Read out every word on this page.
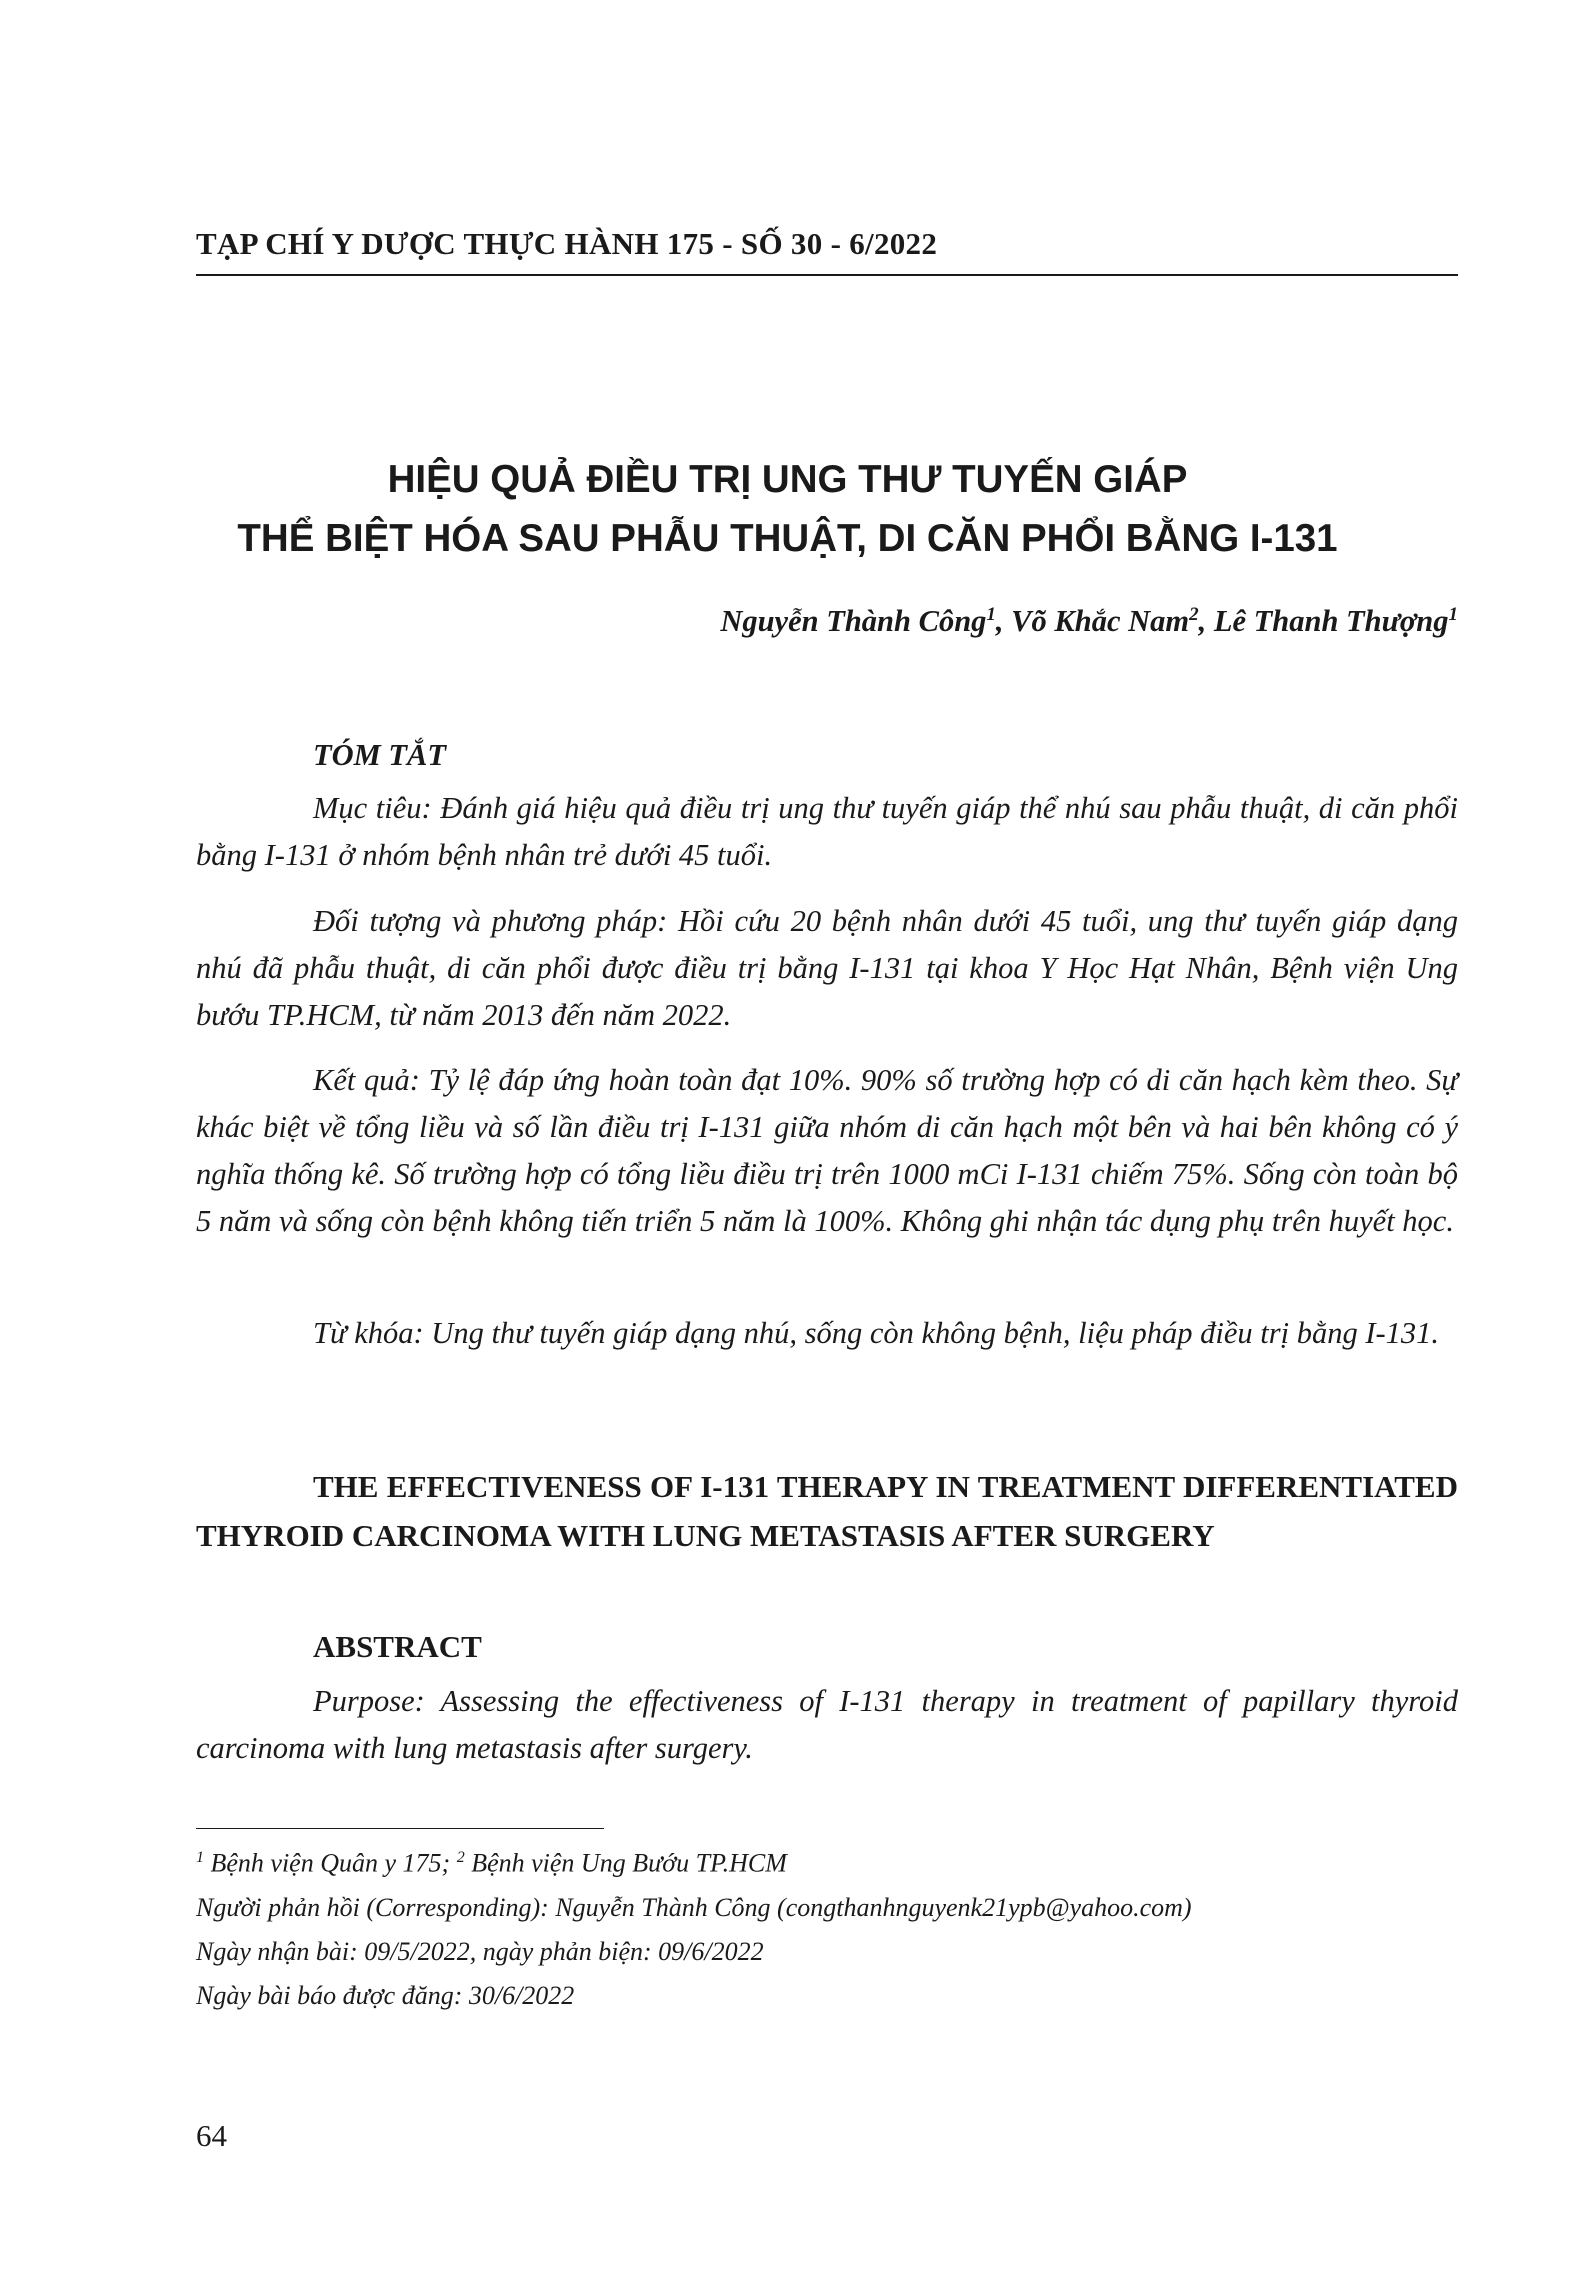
TẠP CHÍ Y DƯỢC THỰC HÀNH 175 - SỐ 30 - 6/2022
HIỆU QUẢ ĐIỀU TRỊ UNG THƯ TUYẾN GIÁP
THỂ BIỆT HÓA SAU PHẪU THUẬT, DI CĂN PHỔI BẰNG I-131
Nguyễn Thành Công$^1$, Võ Khắc Nam$^2$, Lê Thanh Thượng$^1$
TÓM TẮT

Mục tiêu: Đánh giá hiệu quả điều trị ung thư tuyến giáp thể nhú sau phẫu thuật, di căn phổi bằng I-131 ở nhóm bệnh nhân trẻ dưới 45 tuổi.

Đối tượng và phương pháp: Hồi cứu 20 bệnh nhân dưới 45 tuổi, ung thư tuyến giáp dạng nhú đã phẫu thuật, di căn phổi được điều trị bằng I-131 tại khoa Y Học Hạt Nhân, Bệnh viện Ung bướu TP.HCM, từ năm 2013 đến năm 2022.

Kết quả: Tỷ lệ đáp ứng hoàn toàn đạt 10%. 90% số trường hợp có di căn hạch kèm theo. Sự khác biệt về tổng liều và số lần điều trị I-131 giữa nhóm di căn hạch một bên và hai bên không có ý nghĩa thống kê. Số trường hợp có tổng liều điều trị trên 1000 mCi I-131 chiếm 75%. Sống còn toàn bộ 5 năm và sống còn bệnh không tiến triển 5 năm là 100%. Không ghi nhận tác dụng phụ trên huyết học.

Từ khóa: Ung thư tuyến giáp dạng nhú, sống còn không bệnh, liệu pháp điều trị bằng I-131.

THE EFFECTIVENESS OF I-131 THERAPY IN TREATMENT DIFFERENTIATED THYROID CARCINOMA WITH LUNG METASTASIS AFTER SURGERY
ABSTRACT

Purpose: Assessing the effectiveness of I-131 therapy in treatment of papillary thyroid carcinoma with lung metastasis after surgery.

$^1$ Bệnh viện Quân y 175; $^2$ Bệnh viện Ung Bướu TP.HCM
Người phản hồi (Corresponding): Nguyễn Thành Công (congthanhnguyenk21ypb@yahoo.com)
Ngày nhận bài: 09/5/2022, ngày phản biện: 09/6/2022
Ngày bài báo được đăng: 30/6/2022
64
